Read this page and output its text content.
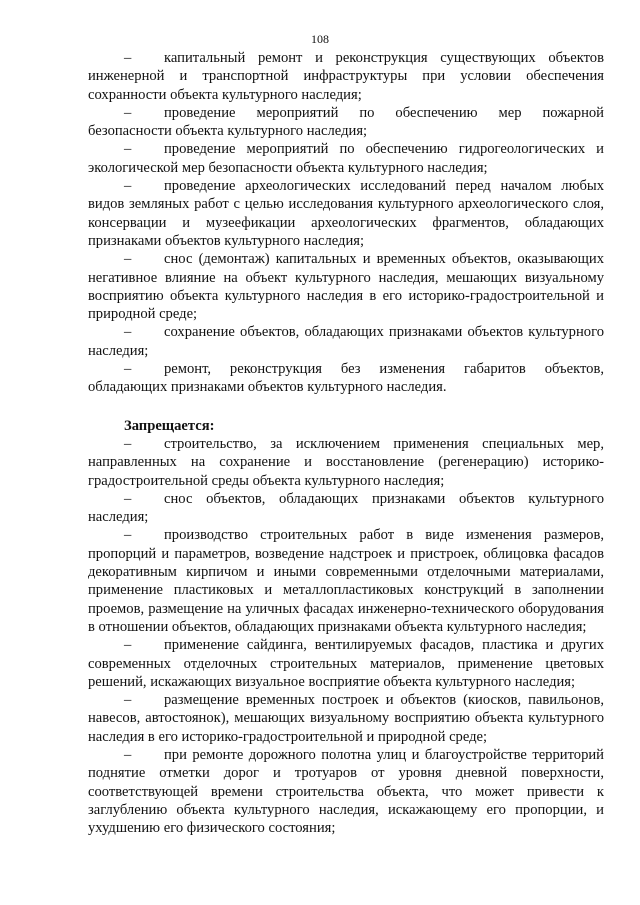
108

– капитальный ремонт и реконструкция существующих объектов инженерной и транспортной инфраструктуры при условии обеспечения сохранности объекта культурного наследия;

– проведение мероприятий по обеспечению мер пожарной безопасности объекта культурного наследия;

– проведение мероприятий по обеспечению гидрогеологических и экологической мер безопасности объекта культурного наследия;

– проведение археологических исследований перед началом любых видов земляных работ с целью исследования культурного археологического слоя, консервации и музеефикации археологических фрагментов, обладающих признаками объектов культурного наследия;

– снос (демонтаж) капитальных и временных объектов, оказывающих негативное влияние на объект культурного наследия, мешающих визуальному восприятию объекта культурного наследия в его историко-градостроительной и природной среде;

– сохранение объектов, обладающих признаками объектов культурного наследия;

– ремонт, реконструкция без изменения габаритов объектов, обладающих признаками объектов культурного наследия.

Запрещается:

– строительство, за исключением применения специальных мер, направленных на сохранение и восстановление (регенерацию) историко-градостроительной среды объекта культурного наследия;

– снос объектов, обладающих признаками объектов культурного наследия;

– производство строительных работ в виде изменения размеров, пропорций и параметров, возведение надстроек и пристроек, облицовка фасадов декоративным кирпичом и иными современными отделочными материалами, применение пластиковых и металлопластиковых конструкций в заполнении проемов, размещение на уличных фасадах инженерно-технического оборудования в отношении объектов, обладающих признаками объекта культурного наследия;

– применение сайдинга, вентилируемых фасадов, пластика и других современных отделочных строительных материалов, применение цветовых решений, искажающих визуальное восприятие объекта культурного наследия;

– размещение временных построек и объектов (киосков, павильонов, навесов, автостоянок), мешающих визуальному восприятию объекта культурного наследия в его историко-градостроительной и природной среде;

– при ремонте дорожного полотна улиц и благоустройстве территорий поднятие отметки дорог и тротуаров от уровня дневной поверхности, соответствующей времени строительства объекта, что может привести к заглублению объекта культурного наследия, искажающему его пропорции, и ухудшению его физического состояния;
